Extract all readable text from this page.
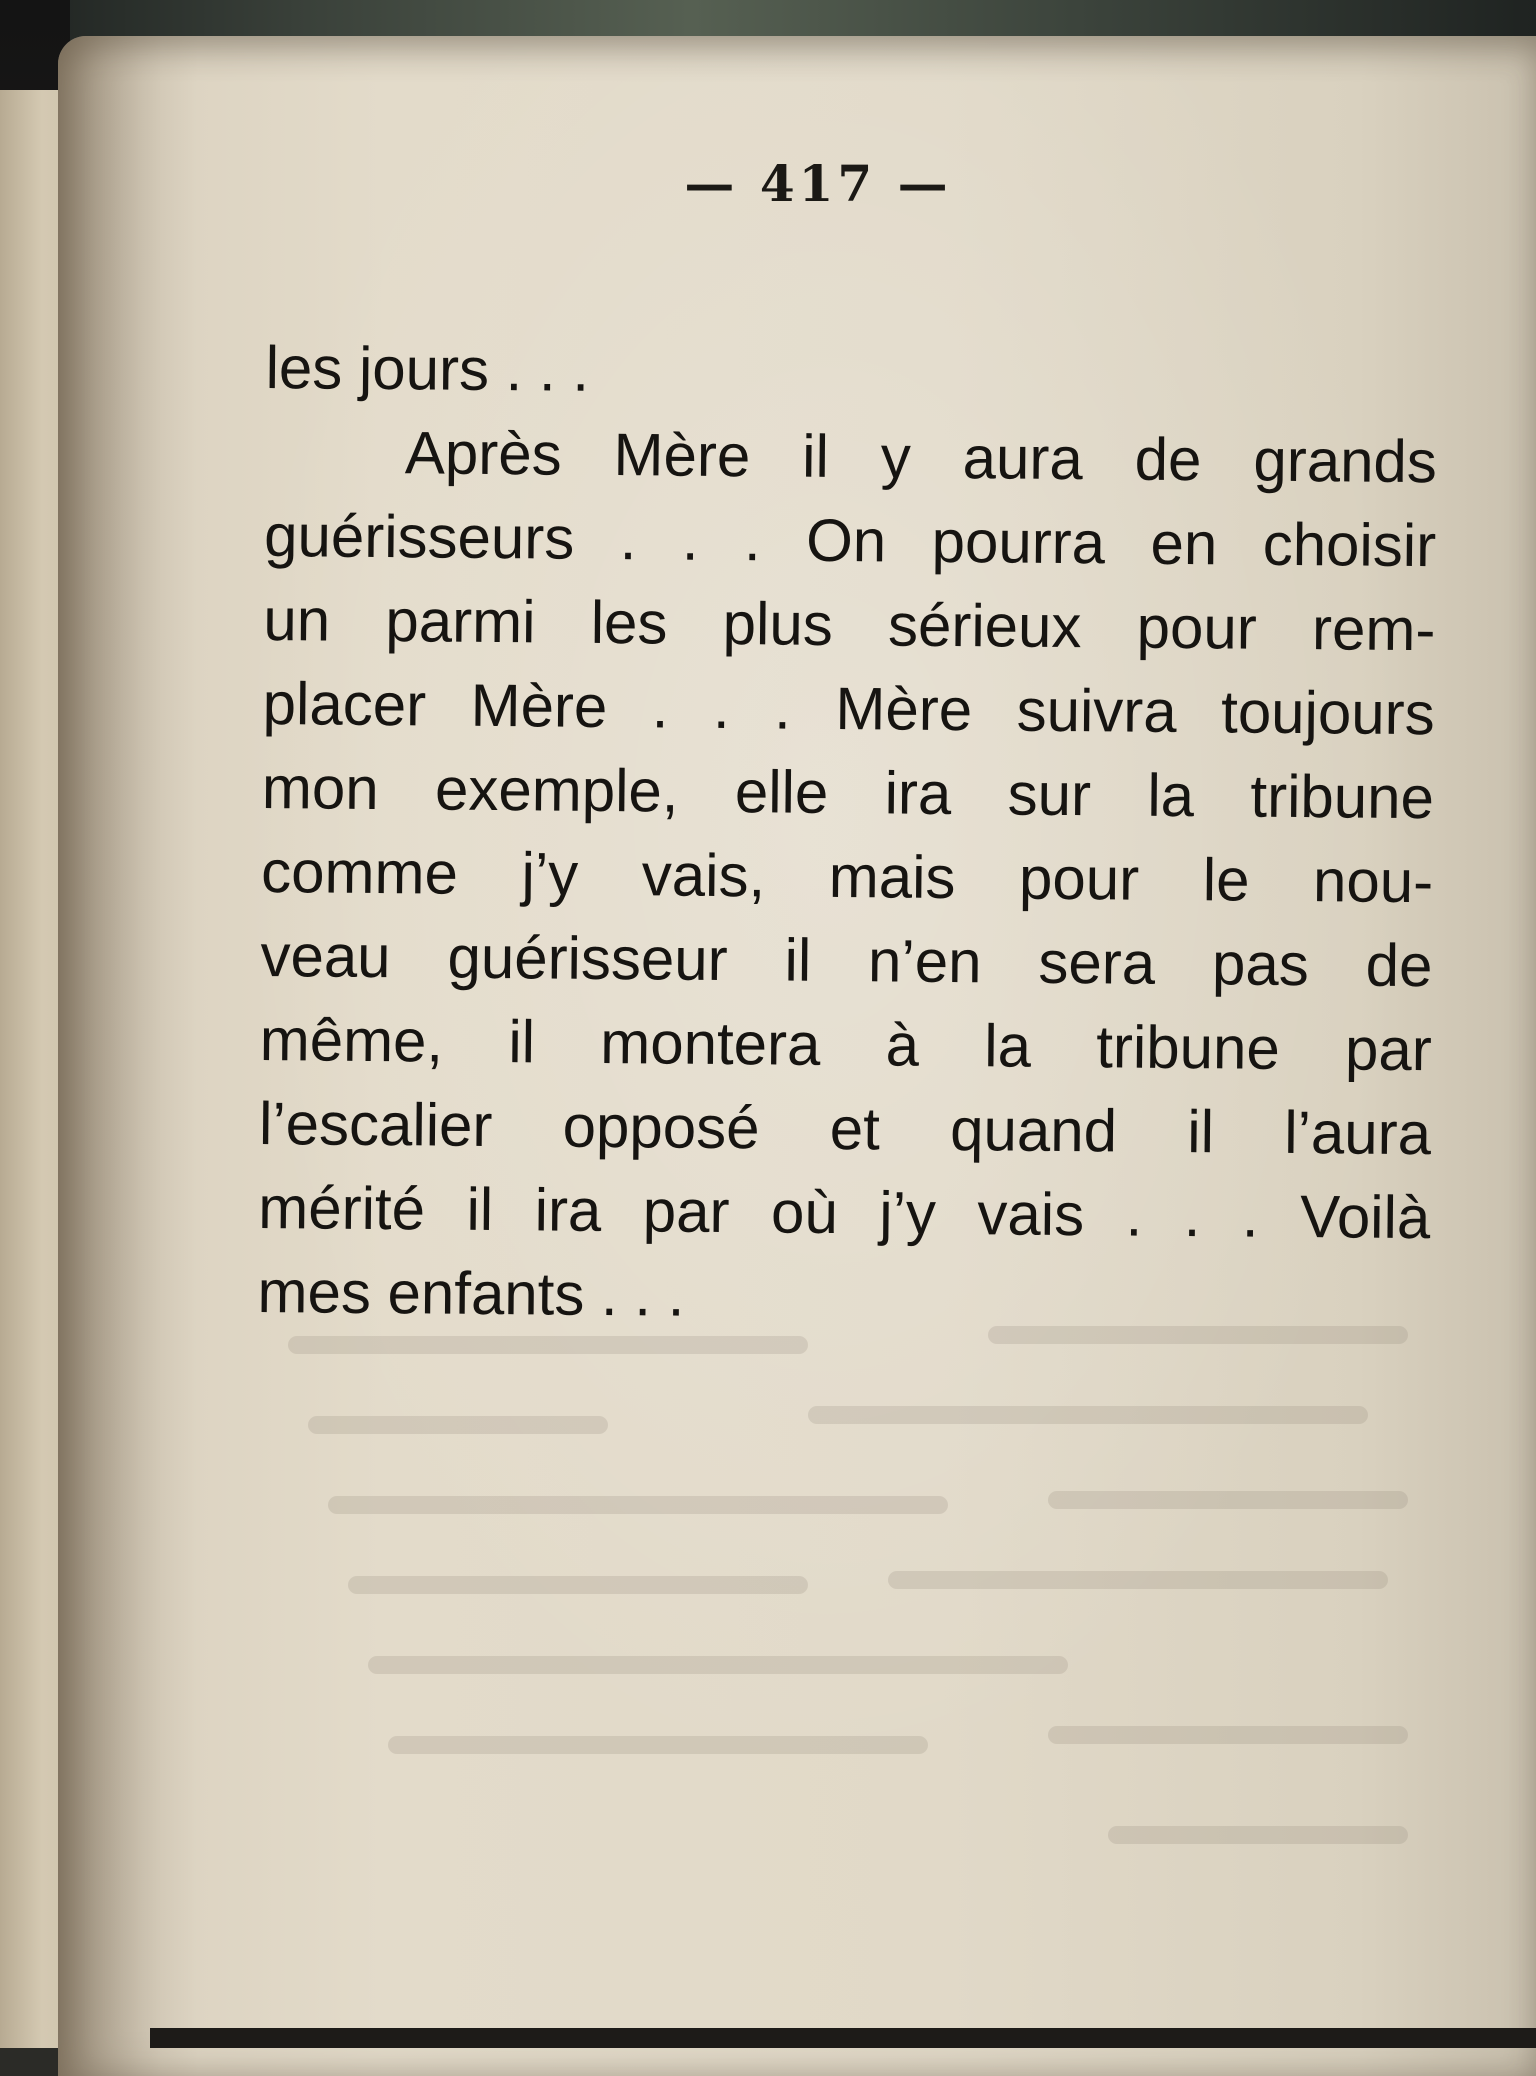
— 417 —
les jours . . .
Après Mère il y aura de grands
guérisseurs . . . On pourra en choisir
un parmi les plus sérieux pour rem-
placer Mère . . . Mère suivra toujours
mon exemple, elle ira sur la tribune
comme j’y vais, mais pour le nou-
veau guérisseur il n’en sera pas de
même, il montera à la tribune par
l’escalier opposé et quand il l’aura
mérité il ira par où j’y vais . . . Voilà
mes enfants . . .
